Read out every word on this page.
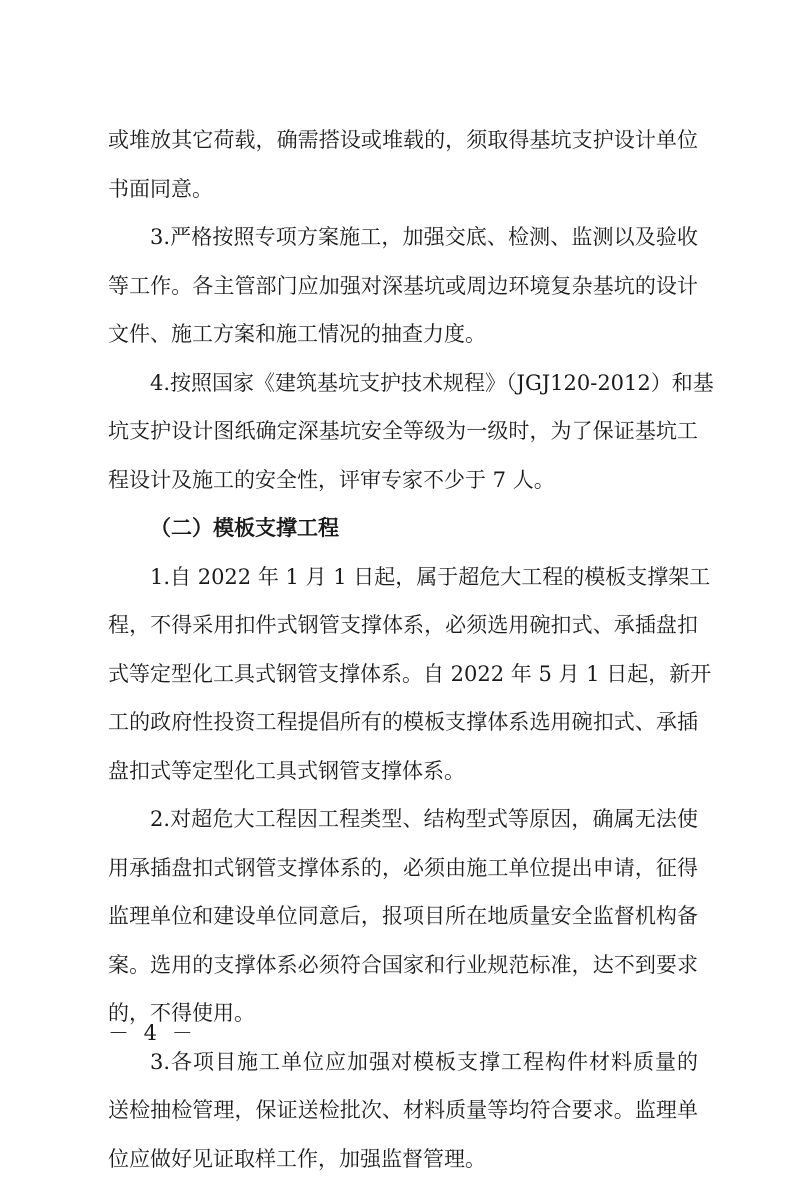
或堆放其它荷载，确需搭设或堆载的，须取得基坑支护设计单位
书面同意。
3.严格按照专项方案施工，加强交底、检测、监测以及验收
等工作。各主管部门应加强对深基坑或周边环境复杂基坑的设计
文件、施工方案和施工情况的抽查力度。
4.按照国家《建筑基坑支护技术规程》（JGJ120-2012）和基
坑支护设计图纸确定深基坑安全等级为一级时，为了保证基坑工
程设计及施工的安全性，评审专家不少于 7 人。
（二）模板支撑工程
1.自 2022 年 1 月 1 日起，属于超危大工程的模板支撑架工
程，不得采用扣件式钢管支撑体系，必须选用碗扣式、承插盘扣
式等定型化工具式钢管支撑体系。自 2022 年 5 月 1 日起，新开
工的政府性投资工程提倡所有的模板支撑体系选用碗扣式、承插
盘扣式等定型化工具式钢管支撑体系。
2.对超危大工程因工程类型、结构型式等原因，确属无法使
用承插盘扣式钢管支撑体系的，必须由施工单位提出申请，征得
监理单位和建设单位同意后，报项目所在地质量安全监督机构备
案。选用的支撑体系必须符合国家和行业规范标准，达不到要求
的，不得使用。
3.各项目施工单位应加强对模板支撑工程构件材料质量的
送检抽检管理，保证送检批次、材料质量等均符合要求。监理单
位应做好见证取样工作，加强监督管理。
－ 4 －
